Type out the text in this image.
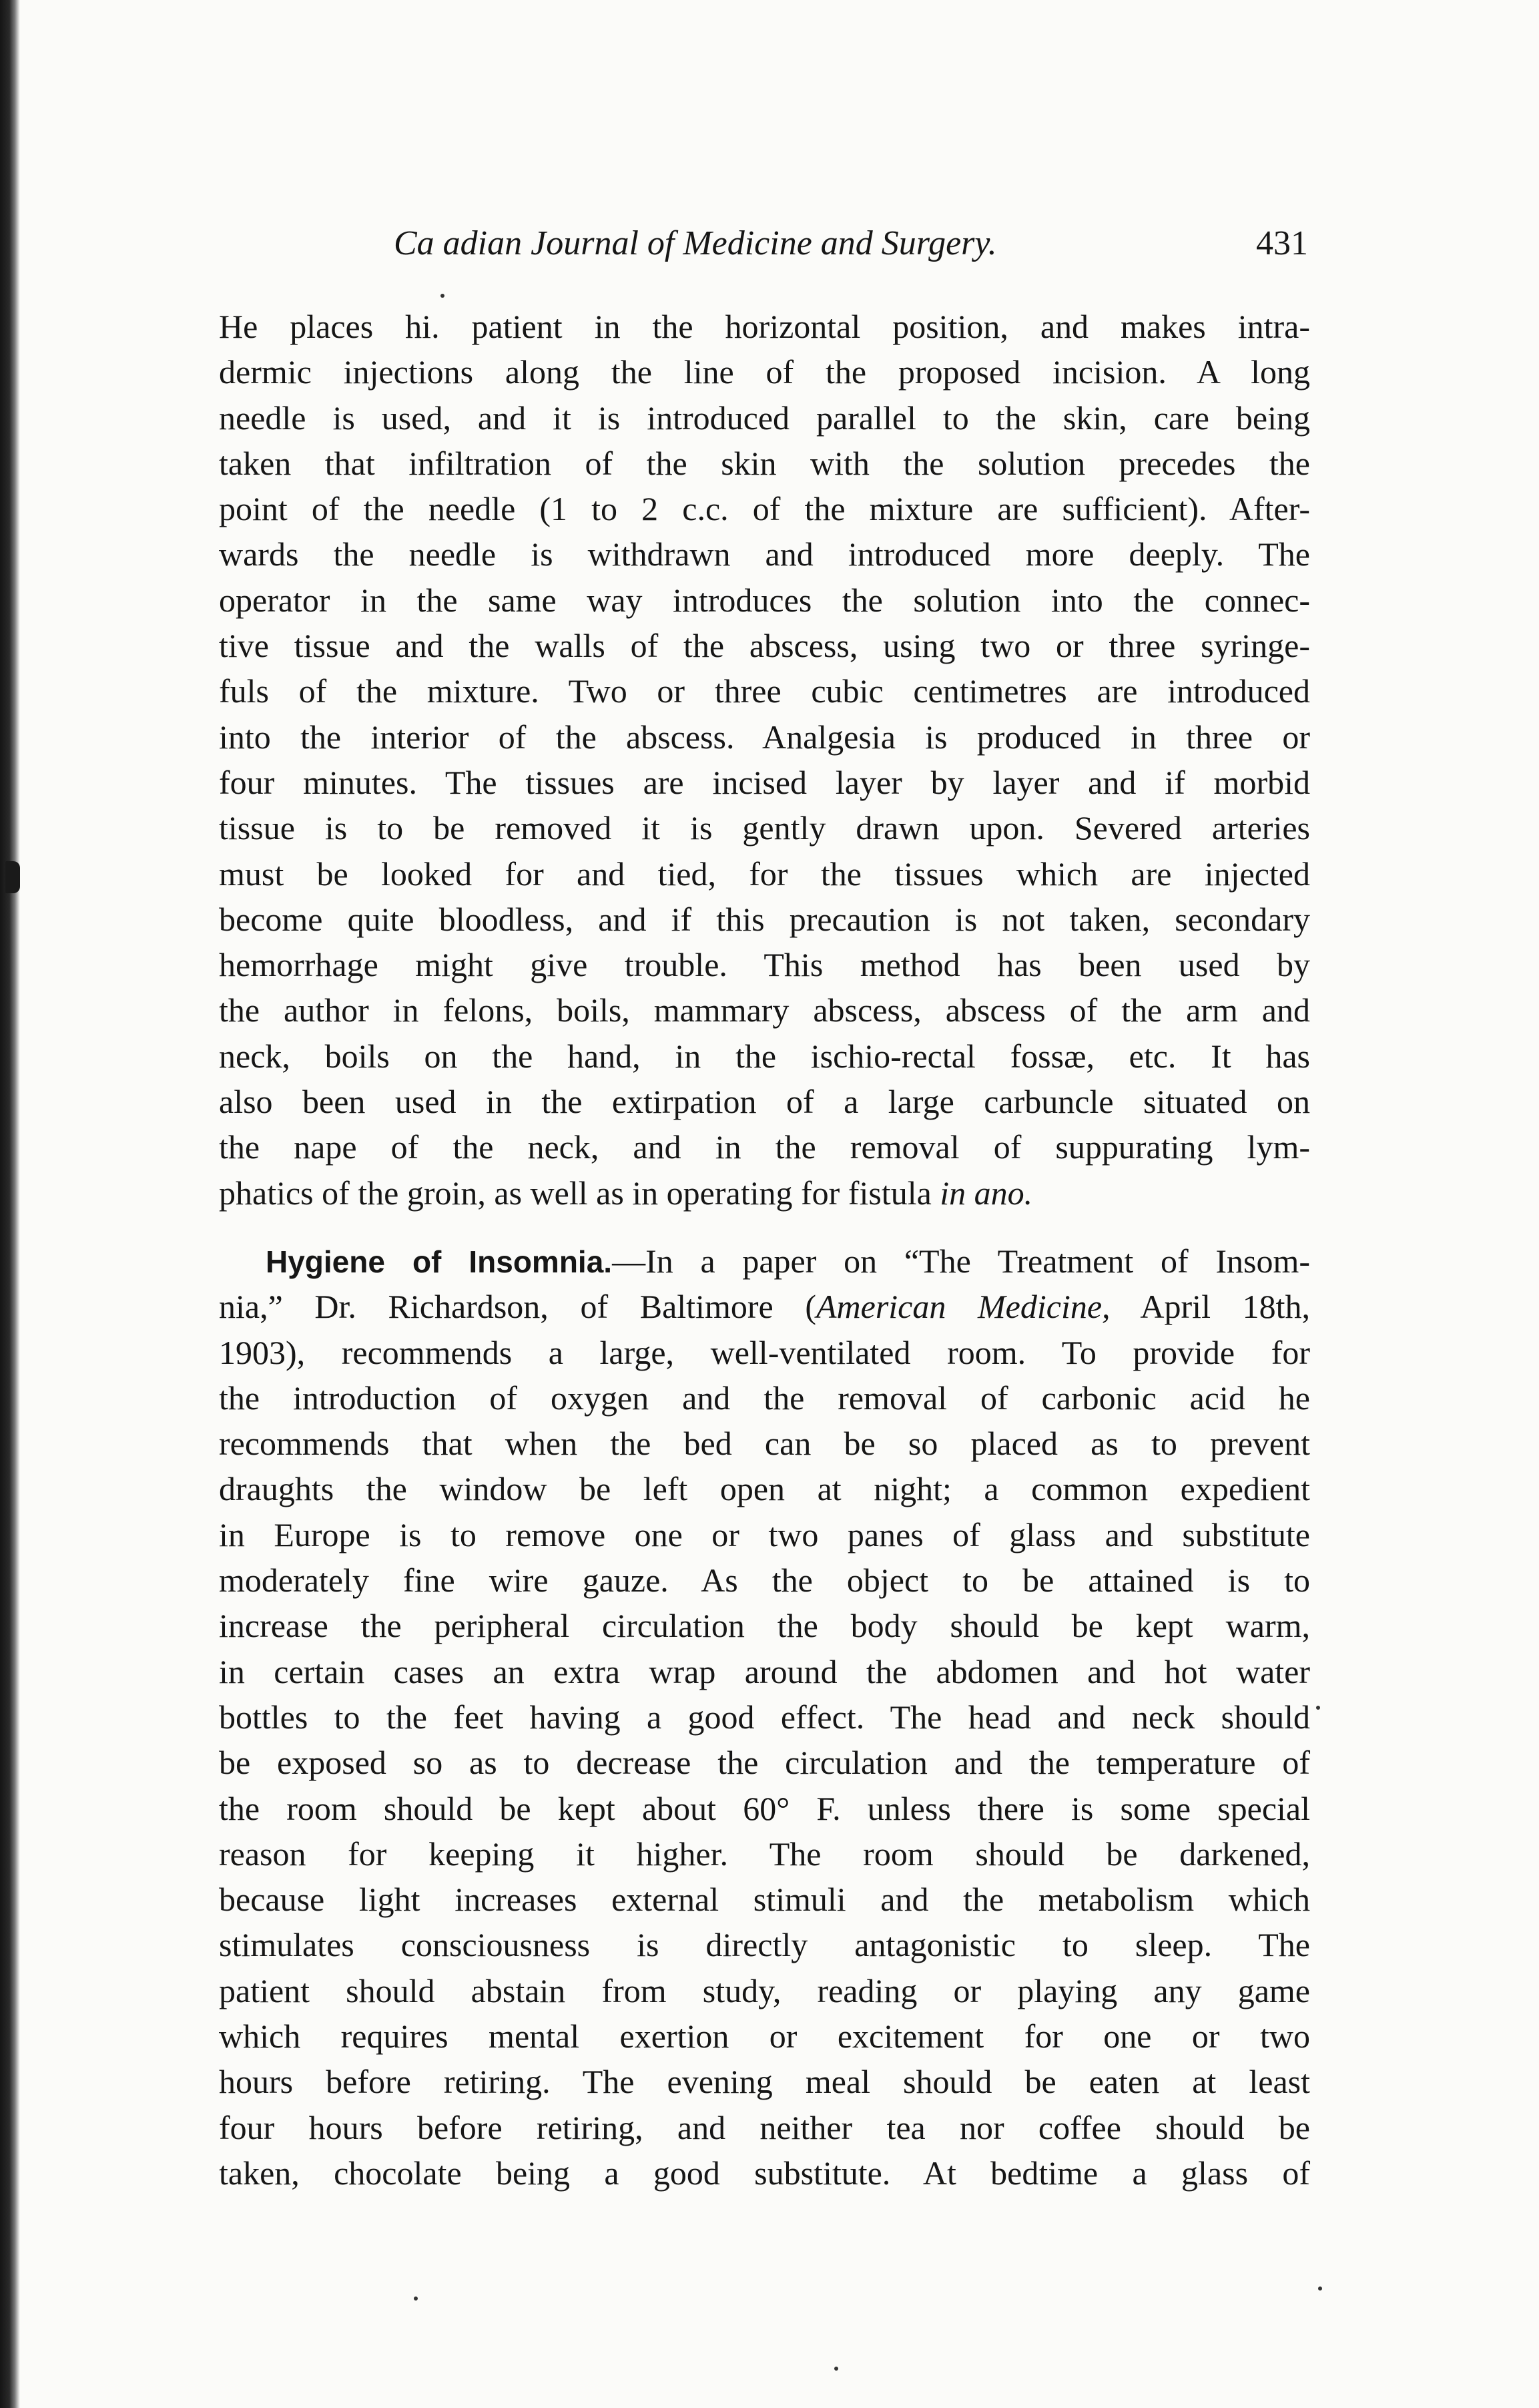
Ca adian Journal of Medicine and Surgery.	431

He places hi. patient in the horizontal position, and makes intra-
dermic injections along the line of the proposed incision. A long
needle is used, and it is introduced parallel to the skin, care being
taken that infiltration of the skin with the solution precedes the
point of the needle (1 to 2 c.c. of the mixture are sufficient). After-
wards the needle is withdrawn and introduced more deeply. The
operator in the same way introduces the solution into the connec-
tive tissue and the walls of the abscess, using two or three syringe-
fuls of the mixture. Two or three cubic centimetres are introduced
into the interior of the abscess. Analgesia is produced in three or
four minutes. The tissues are incised layer by layer and if morbid
tissue is to be removed it is gently drawn upon. Severed arteries
must be looked for and tied, for the tissues which are injected
become quite bloodless, and if this precaution is not taken, secondary
hemorrhage might give trouble. This method has been used by
the author in felons, boils, mammary abscess, abscess of the arm and
neck, boils on the hand, in the ischio-rectal fossæ, etc. It has
also been used in the extirpation of a large carbuncle situated on
the nape of the neck, and in the removal of suppurating lym-
phatics of the groin, as well as in operating for fistula in ano.

Hygiene of Insomnia.—In a paper on “The Treatment of Insom-
nia,” Dr. Richardson, of Baltimore (American Medicine, April 18th,
1903), recommends a large, well-ventilated room. To provide for
the introduction of oxygen and the removal of carbonic acid he
recommends that when the bed can be so placed as to prevent
draughts the window be left open at night; a common expedient
in Europe is to remove one or two panes of glass and substitute
moderately fine wire gauze. As the object to be attained is to
increase the peripheral circulation the body should be kept warm,
in certain cases an extra wrap around the abdomen and hot water
bottles to the feet having a good effect. The head and neck should
be exposed so as to decrease the circulation and the temperature of
the room should be kept about 60° F. unless there is some special
reason for keeping it higher. The room should be darkened,
because light increases external stimuli and the metabolism which
stimulates consciousness is directly antagonistic to sleep. The
patient should abstain from study, reading or playing any game
which requires mental exertion or excitement for one or two
hours before retiring. The evening meal should be eaten at least
four hours before retiring, and neither tea nor coffee should be
taken, chocolate being a good substitute. At bedtime a glass of
